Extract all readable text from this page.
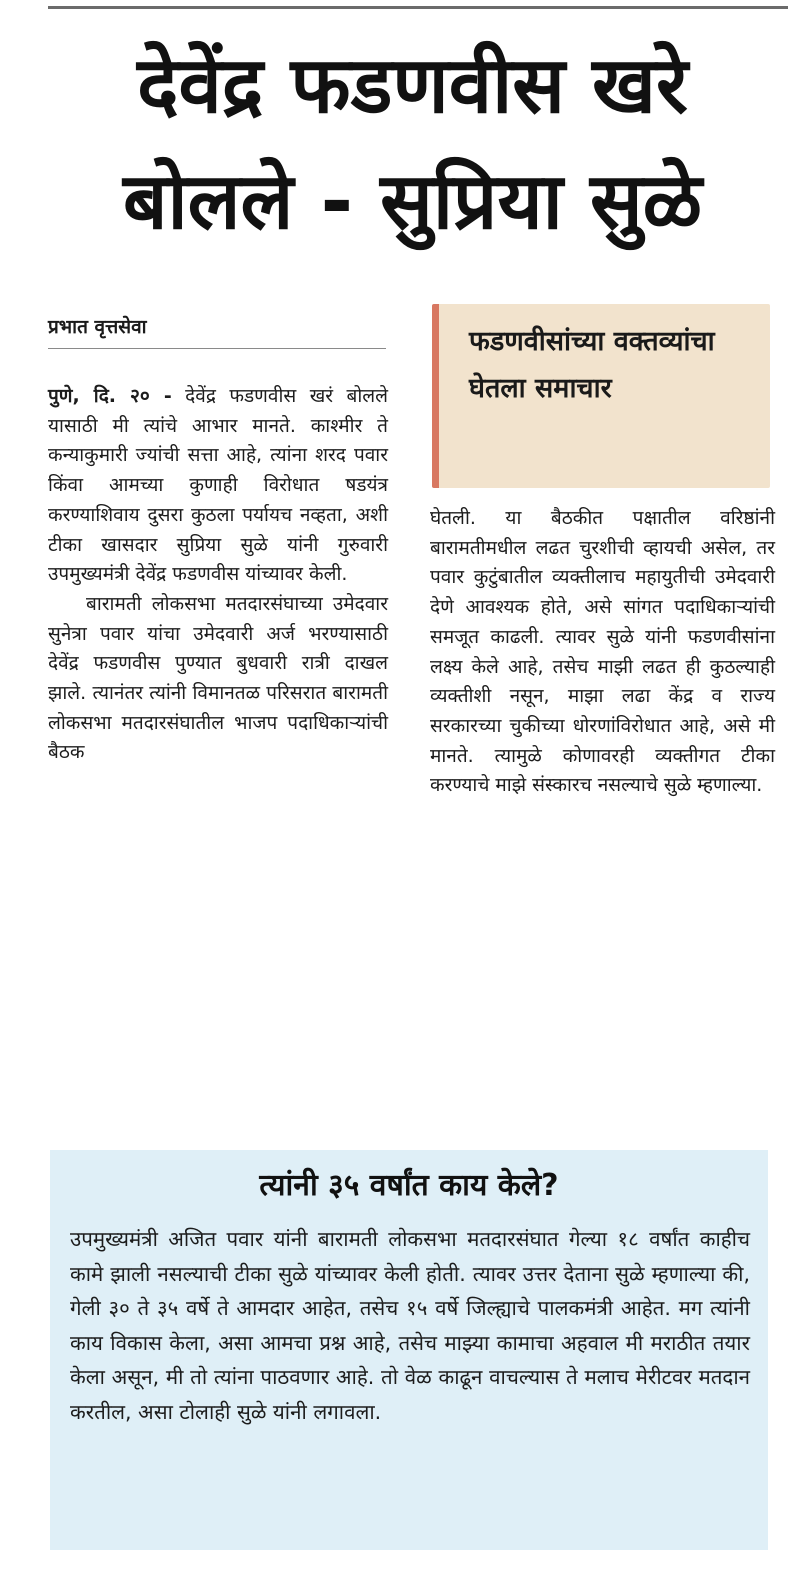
देवेंद्र फडणवीस खरे
बोलले - सुप्रिया सुळे
प्रभात वृत्तसेवा

पुणे, दि. २० - देवेंद्र फडणवीस खरं बोलले यासाठी मी त्यांचे आभार मानते. काश्मीर ते कन्याकुमारी ज्यांची सत्ता आहे, त्यांना शरद पवार किंवा आमच्या कुणाही विरोधात षडयंत्र करण्याशिवाय दुसरा कुठला पर्यायच नव्हता, अशी टीका खासदार सुप्रिया सुळे यांनी गुरुवारी उपमुख्यमंत्री देवेंद्र फडणवीस यांच्यावर केली.

बारामती लोकसभा मतदारसंघाच्या उमेदवार सुनेत्रा पवार यांचा उमेदवारी अर्ज भरण्यासाठी देवेंद्र फडणवीस पुण्यात बुधवारी रात्री दाखल झाले. त्यानंतर त्यांनी विमानतळ परिसरात बारामती लोकसभा मतदारसंघातील भाजप पदाधिकाऱ्यांची बैठक

फडणवीसांच्या वक्तव्यांचा घेतला समाचार

घेतली. या बैठकीत पक्षातील वरिष्ठांनी बारामतीमधील लढत चुरशीची व्हायची असेल, तर पवार कुटुंबातील व्यक्तीलाच महायुतीची उमेदवारी देणे आवश्यक होते, असे सांगत पदाधिकाऱ्यांची समजूत काढली. त्यावर सुळे यांनी फडणवीसांना लक्ष्य केले आहे, तसेच माझी लढत ही कुठल्याही व्यक्तीशी नसून, माझा लढा केंद्र व राज्य सरकारच्या चुकीच्या धोरणांविरोधात आहे, असे मी मानते. त्यामुळे कोणावरही व्यक्तीगत टीका करण्याचे माझे संस्कारच नसल्याचे सुळे म्हणाल्या.

त्यांनी ३५ वर्षांत काय केले?
उपमुख्यमंत्री अजित पवार यांनी बारामती लोकसभा मतदारसंघात गेल्या १८ वर्षांत काहीच कामे झाली नसल्याची टीका सुळे यांच्यावर केली होती. त्यावर उत्तर देताना सुळे म्हणाल्या की, गेली ३० ते ३५ वर्षे ते आमदार आहेत, तसेच १५ वर्षे जिल्ह्याचे पालकमंत्री आहेत. मग त्यांनी काय विकास केला, असा आमचा प्रश्न आहे, तसेच माझ्या कामाचा अहवाल मी मराठीत तयार केला असून, मी तो त्यांना पाठवणार आहे. तो वेळ काढून वाचल्यास ते मलाच मेरीटवर मतदान करतील, असा टोलाही सुळे यांनी लगावला.
